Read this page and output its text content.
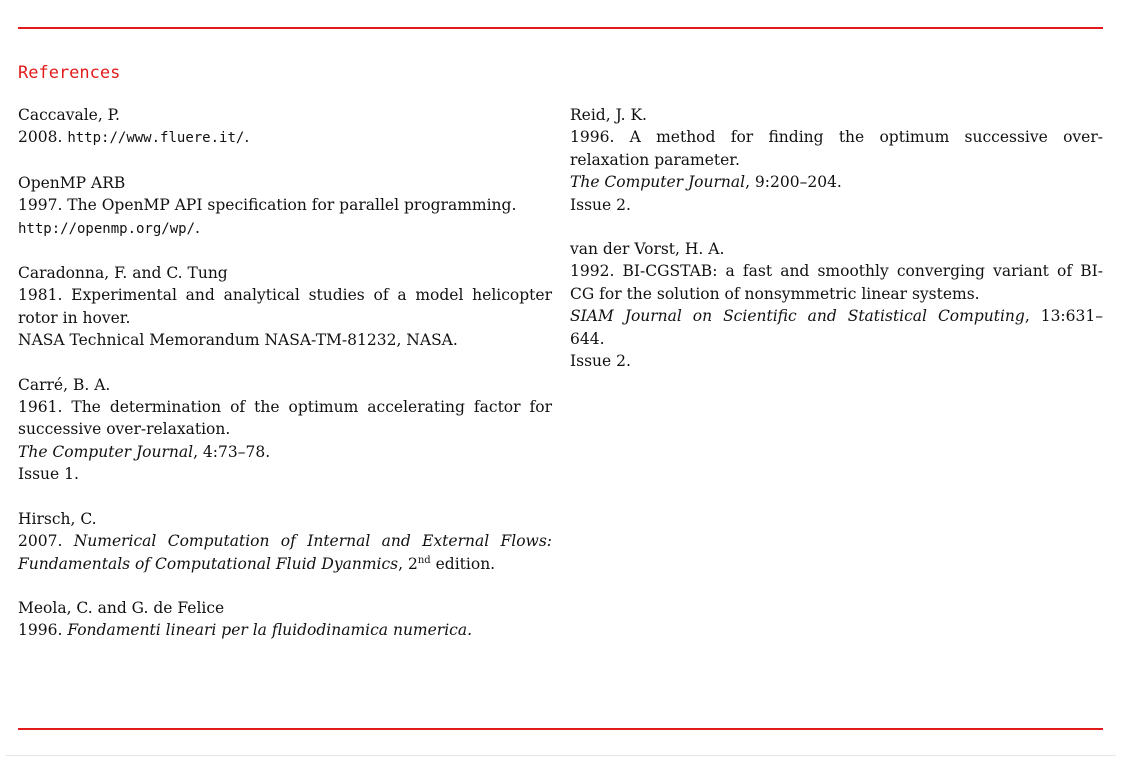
References
Caccavale, P.
2008. http://www.fluere.it/.
OpenMP ARB
1997. The OpenMP API specification for parallel programming.
http://openmp.org/wp/.
Caradonna, F. and C. Tung
1981. Experimental and analytical studies of a model helicopter
rotor in hover.
NASA Technical Memorandum NASA-TM-81232, NASA.
Carré, B. A.
1961. The determination of the optimum accelerating factor for
successive over-relaxation.
The Computer Journal, 4:73–78.
Issue 1.
Hirsch, C.
2007. Numerical Computation of Internal and External Flows:
Fundamentals of Computational Fluid Dyanmics, 2nd edition.
Meola, C. and G. de Felice
1996. Fondamenti lineari per la fluidodinamica numerica.
Reid, J. K.
1996. A method for finding the optimum successive over-
relaxation parameter.
The Computer Journal, 9:200–204.
Issue 2.
van der Vorst, H. A.
1992. BI-CGSTAB: a fast and smoothly converging variant of BI-
CG for the solution of nonsymmetric linear systems.
SIAM Journal on Scientific and Statistical Computing, 13:631–
644.
Issue 2.
